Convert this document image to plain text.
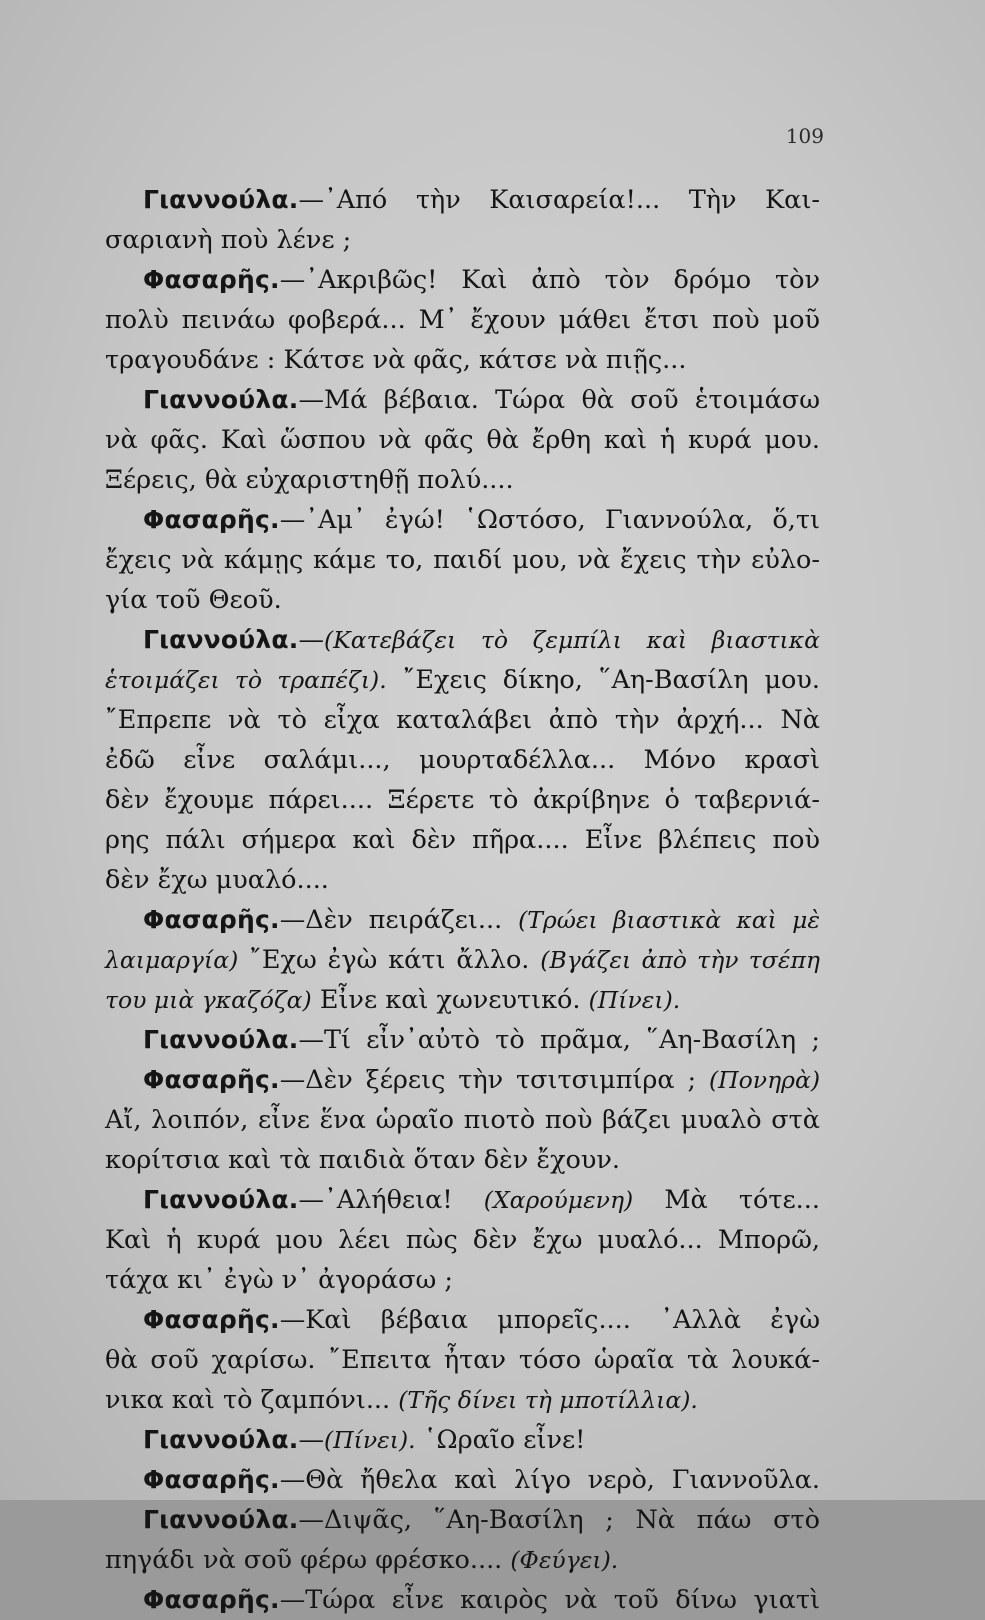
109
Γιαννούλα.—᾿Από τὴν Καισαρεία!... Τὴν Και-
σαριανὴ ποὺ λένε ;
Φασαρῆς.—᾿Ακριβῶς! Καὶ ἀπὸ τὸν δρόμο τὸν
πολὺ πεινάω φοβερά... Μ᾿ ἔχουν μάθει ἔτσι ποὺ μοῦ
τραγουδάνε : Κάτσε νὰ φᾶς, κάτσε νὰ πιῇς...
Γιαννούλα.—Μά βέβαια. Τώρα θὰ σοῦ ἑτοιμάσω
νὰ φᾶς. Καὶ ὥσπου νὰ φᾶς θὰ ἔρθη καὶ ἡ κυρά μου.
Ξέρεις, θὰ εὐχαριστηθῇ πολύ....
Φασαρῆς.—᾿Αμ᾿ ἐγώ! ῾Ωστόσο, Γιαννούλα, ὅ,τι
ἔχεις νὰ κάμῃς κάμε το, παιδί μου, νὰ ἔχεις τὴν εὐλο-
γία τοῦ Θεοῦ.
Γιαννούλα.—(Κατεβάζει τὸ ζεμπίλι καὶ βιαστικὰ
ἑτοιμάζει τὸ τραπέζι). ῎Εχεις δίκηο, ῞Αη-Βασίλη μου.
῎Επρεπε νὰ τὸ εἶχα καταλάβει ἀπὸ τὴν ἀρχή... Νὰ
ἐδῶ εἶνε σαλάμι..., μουρταδέλλα... Μόνο κρασὶ
δὲν ἔχουμε πάρει.... Ξέρετε τὸ ἀκρίβηνε ὁ ταβερνιά-
ρης πάλι σήμερα καὶ δὲν πῆρα.... Εἶνε βλέπεις ποὺ
δὲν ἔχω μυαλό....
Φασαρῆς.—Δὲν πειράζει... (Τρώει βιαστικὰ καὶ μὲ
λαιμαργία) ῎Εχω ἐγὼ κάτι ἄλλο. (Βγάζει ἀπὸ τὴν τσέπη
του μιὰ γκαζόζα) Εἶνε καὶ χωνευτικό. (Πίνει).
Γιαννούλα.—Τί εἶν᾿αὐτὸ τὸ πρᾶμα, ῞Αη-Βασίλη ;
Φασαρῆς.—Δὲν ξέρεις τὴν τσιτσιμπίρα ; (Πονηρὰ)
Αἴ, λοιπόν, εἶνε ἕνα ὡραῖο πιοτὸ ποὺ βάζει μυαλὸ στὰ
κορίτσια καὶ τὰ παιδιὰ ὅταν δὲν ἔχουν.
Γιαννούλα.—᾿Αλήθεια! (Χαρούμενη) Μὰ τότε...
Καὶ ἡ κυρά μου λέει πὼς δὲν ἔχω μυαλό... Μπορῶ,
τάχα κι᾿ ἐγὼ ν᾿ ἀγοράσω ;
Φασαρῆς.—Καὶ βέβαια μπορεῖς.... ᾿Αλλὰ ἐγὼ
θὰ σοῦ χαρίσω. ῎Επειτα ἦταν τόσο ὡραῖα τὰ λουκά-
νικα καὶ τὸ ζαμπόνι... (Τῆς δίνει τὴ μποτίλλια).
Γιαννούλα.—(Πίνει). ῾Ωραῖο εἶνε!
Φασαρῆς.—Θὰ ἤθελα καὶ λίγο νερὸ, Γιαννοῦλα.
Γιαννούλα.—Διψᾶς, ῞Αη-Βασίλη ; Νὰ πάω στὸ
πηγάδι νὰ σοῦ φέρω φρέσκο.... (Φεύγει).
Φασαρῆς.—Τώρα εἶνε καιρὸς νὰ τοῦ δίνω γιατὶ
